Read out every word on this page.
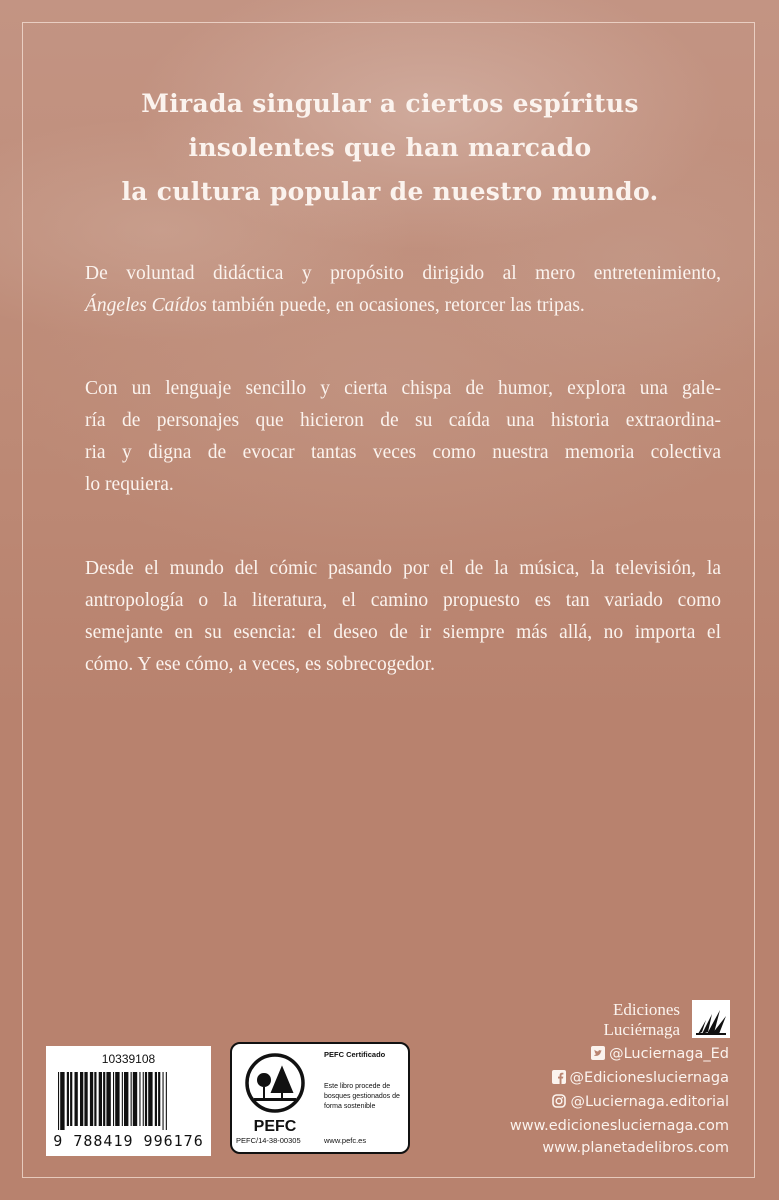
Mirada singular a ciertos espíritus
insolentes que han marcado
la cultura popular de nuestro mundo.

De voluntad didáctica y propósito dirigido al mero entretenimiento,
Ángeles Caídos también puede, en ocasiones, retorcer las tripas.

Con un lenguaje sencillo y cierta chispa de humor, explora una gale-
ría de personajes que hicieron de su caída una historia extraordina-
ria y digna de evocar tantas veces como nuestra memoria colectiva
lo requiera.

Desde el mundo del cómic pasando por el de la música, la televisión, la
antropología o la literatura, el camino propuesto es tan variado como
semejante en su esencia: el deseo de ir siempre más allá, no importa el
cómo. Y ese cómo, a veces, es sobrecogedor.

10339108
9 788419 996176
PEFC
PEFC/14-38-00305
PEFC Certificado
Este libro procede de bosques gestionados de forma sostenible
www.pefc.es
Ediciones
Luciérnaga
@Luciernaga_Ed
@Edicionesluciernaga
@Luciernaga.editorial
www.edicionesluciernaga.com
www.planetadelibros.com
